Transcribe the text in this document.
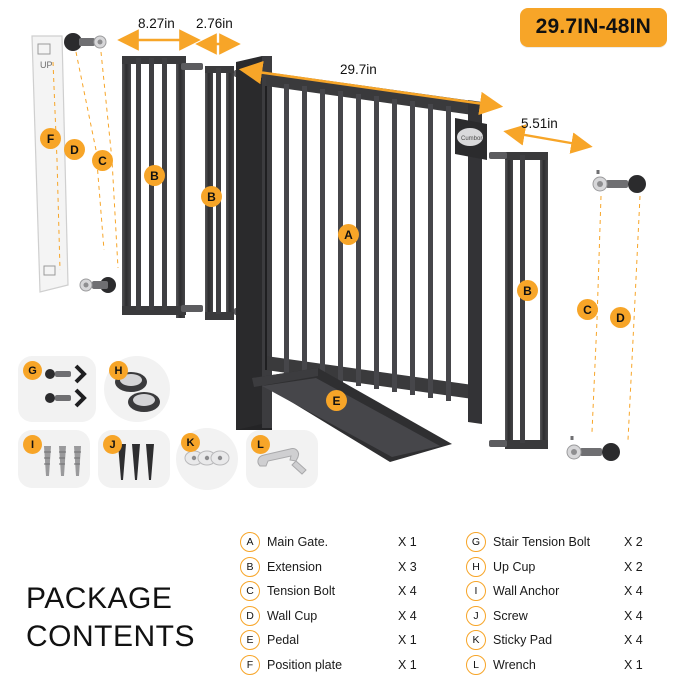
29.7IN-48IN
UP
Cumbor
8.27in 2.76in
29.7in
5.51in
A
B
B
B
C
C
D
D
E
F
G	H
I	J	K	L
PACKAGE
CONTENTS
A	Main Gate.	X 1
B	Extension	X 3
C	Tension Bolt	X 4
D	Wall Cup	X 4
E	Pedal	X 1
F	Position plate	X 1
G	Stair Tension Bolt	X 2
H	Up Cup	X 2
I	Wall Anchor	X 4
J	Screw	X 4
K	Sticky Pad	X 4
L	Wrench	X 1
